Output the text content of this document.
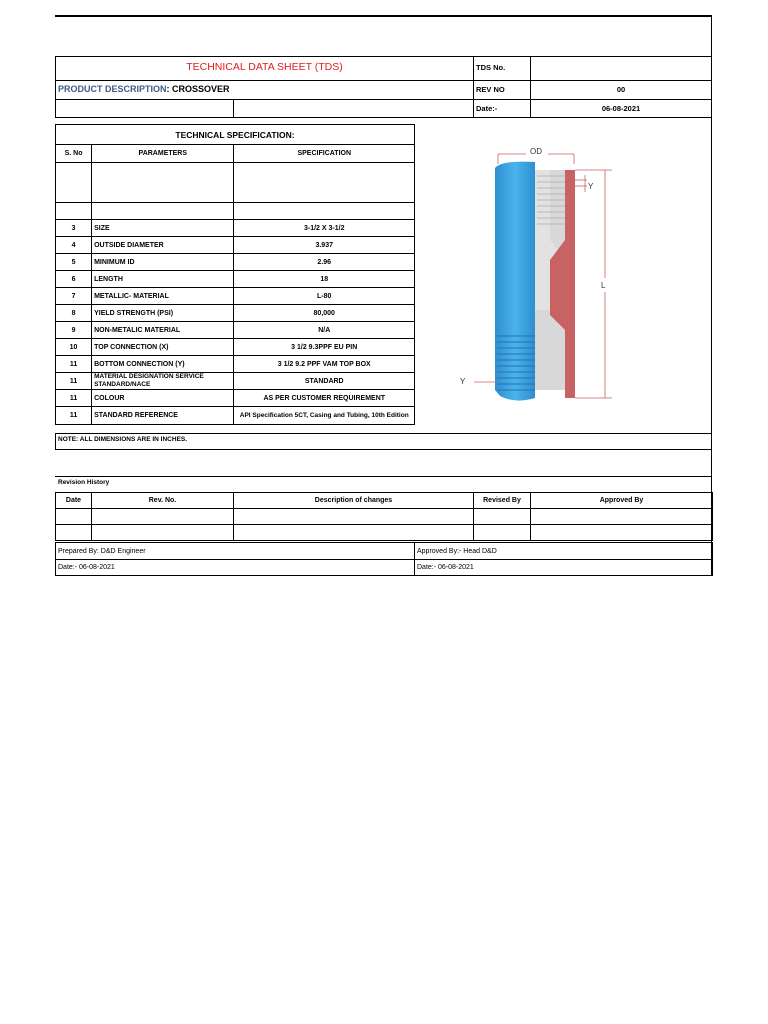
TECHNICAL DATA SHEET (TDS)	TDS No.
PRODUCT DESCRIPTION: CROSSOVER	REV NO	00
Date:-	06-08-2021
TECHNICAL SPECIFICATION:		
S. No	PARAMETERS	SPECIFICATION

3	SIZE	3-1/2 X 3-1/2
4	OUTSIDE DIAMETER	3.937
5	MINIMUM ID	2.96
6	LENGTH	18
7	METALLIC- MATERIAL	L-80
8	YIELD STRENGTH (PSI)	80,000
9	NON-METALIC MATERIAL	N/A
10	TOP CONNECTION (X)	3 1/2 9.3PPF EU PIN
11	BOTTOM CONNECTION (Y)	3 1/2 9.2 PPF VAM TOP BOX
11	MATERIAL DESIGNATION SERVICE STANDARD/NACE	STANDARD
11	COLOUR	AS PER CUSTOMER REQUIREMENT
11	STANDARD REFERENCE	API Specification 5CT, Casing and Tubing, 10th Edition
OD
Y
L
Y
NOTE: ALL DIMENSIONS ARE IN INCHES.
Revision History
Date	Rev. No.	Description of changes	Revised By	Approved By

Prepared By: D&D Engineer	Approved By:- Head D&D
Date:- 06-08-2021	Date:- 06-08-2021
